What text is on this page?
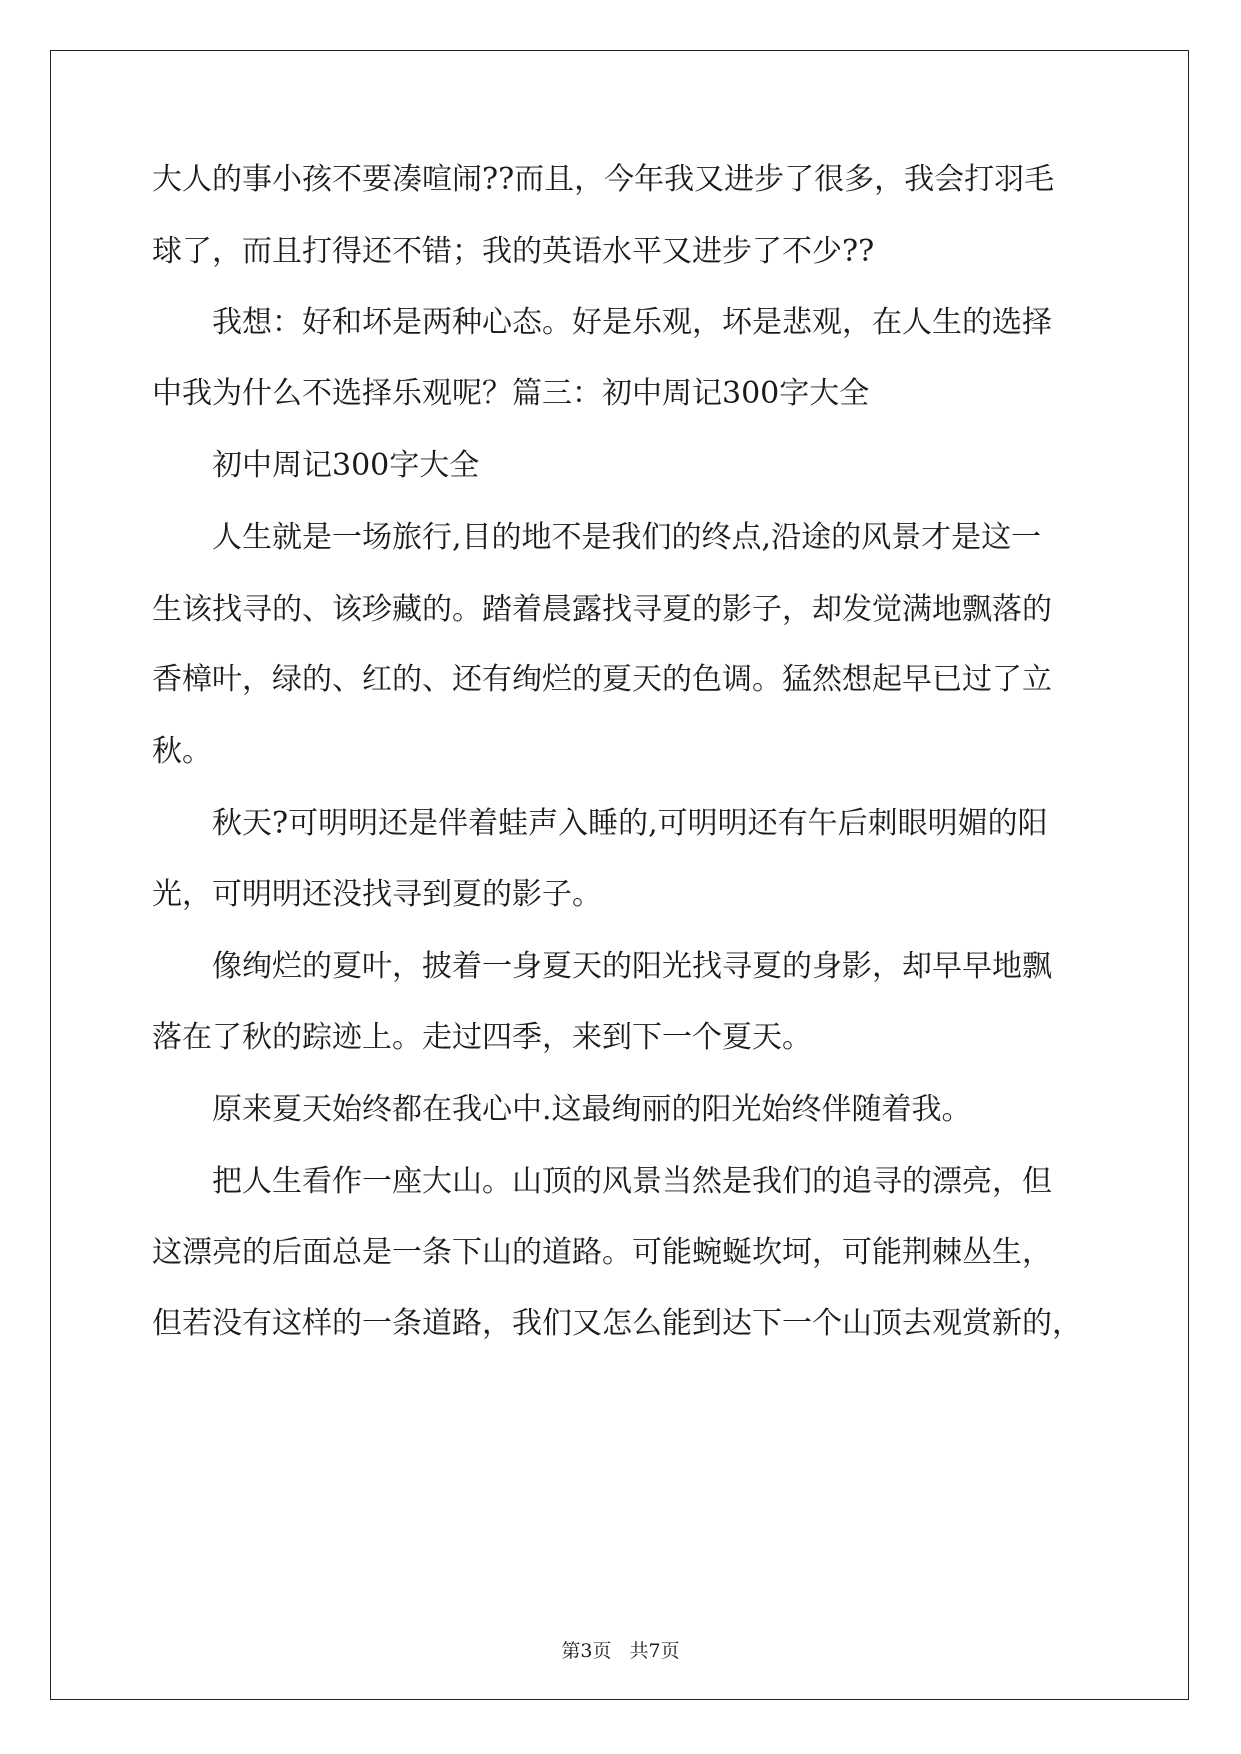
大人的事小孩不要凑喧闹??而且，今年我又进步了很多，我会打羽毛
球了，而且打得还不错；我的英语水平又进步了不少??
我想：好和坏是两种心态。好是乐观，坏是悲观，在人生的选择
中我为什么不选择乐观呢？篇三：初中周记300字大全
初中周记300字大全
人生就是一场旅行,目的地不是我们的终点,沿途的风景才是这一
生该找寻的、该珍藏的。踏着晨露找寻夏的影子，却发觉满地飘落的
香樟叶，绿的、红的、还有绚烂的夏天的色调。猛然想起早已过了立
秋。
秋天?可明明还是伴着蛙声入睡的,可明明还有午后刺眼明媚的阳
光，可明明还没找寻到夏的影子。
像绚烂的夏叶，披着一身夏天的阳光找寻夏的身影，却早早地飘
落在了秋的踪迹上。走过四季，来到下一个夏天。
原来夏天始终都在我心中.这最绚丽的阳光始终伴随着我。
把人生看作一座大山。山顶的风景当然是我们的追寻的漂亮，但
这漂亮的后面总是一条下山的道路。可能蜿蜒坎坷，可能荆棘丛生，
但若没有这样的一条道路，我们又怎么能到达下一个山顶去观赏新的，
第3页 共7页
